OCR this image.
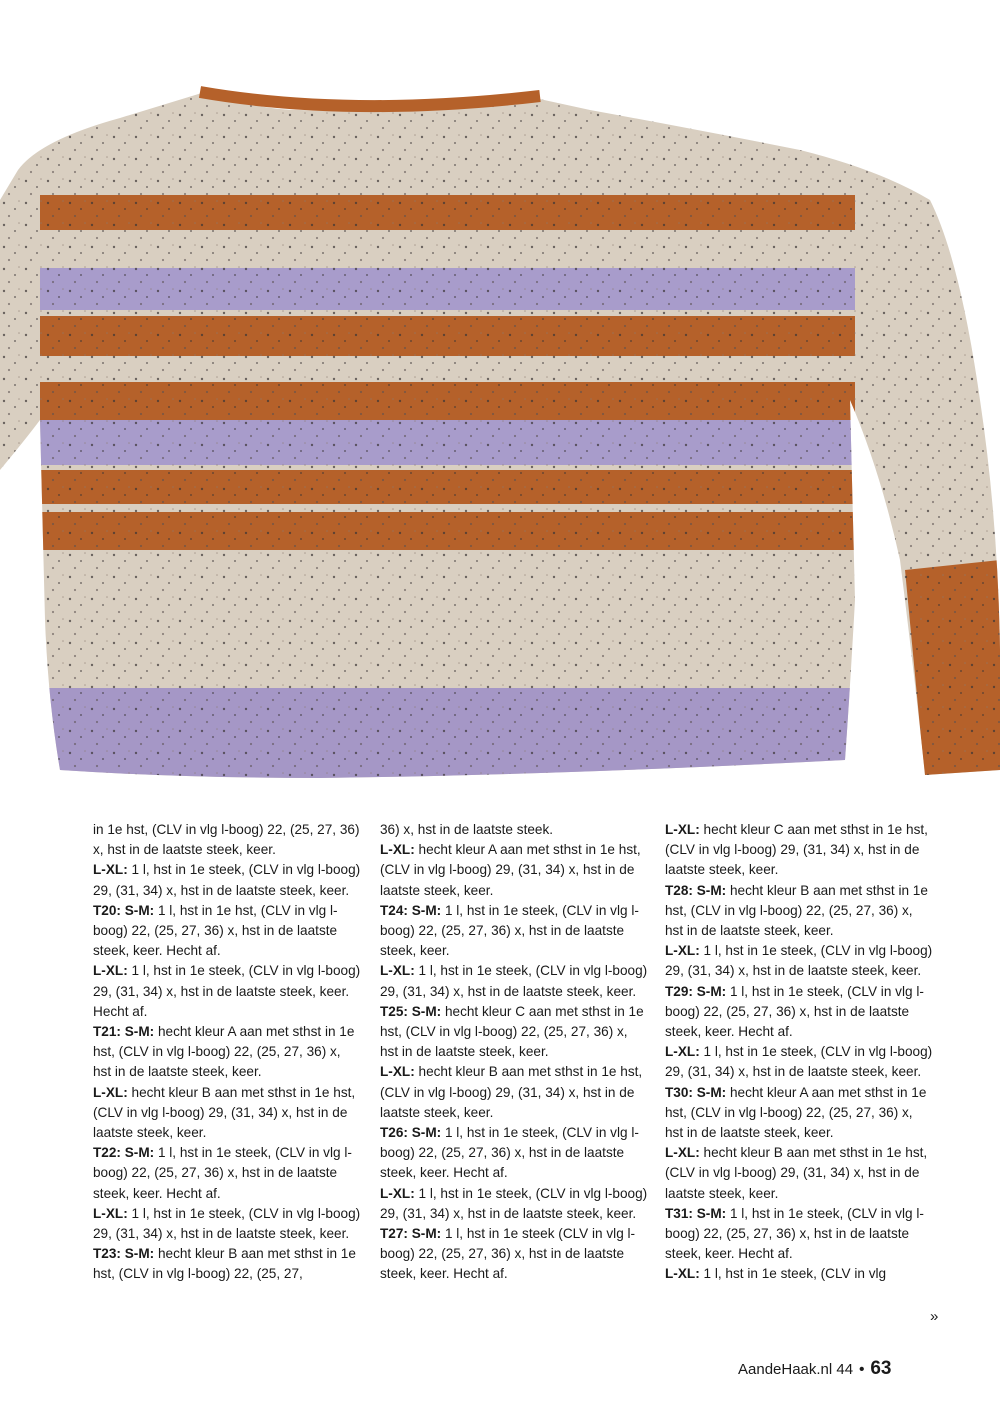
in 1e hst, (CLV in vlg l-boog) 22, (25, 27, 36) x, hst in de laatste steek, keer.

L-XL: 1 l, hst in 1e steek, (CLV in vlg l-boog) 29, (31, 34) x, hst in de laatste steek, keer.

T20: S-M: 1 l, hst in 1e hst, (CLV in vlg l-boog) 22, (25, 27, 36) x, hst in de laatste steek, keer. Hecht af.

L-XL: 1 l, hst in 1e steek, (CLV in vlg l-boog) 29, (31, 34) x, hst in de laatste steek, keer. Hecht af.

T21: S-M: hecht kleur A aan met sthst in 1e hst, (CLV in vlg l-boog) 22, (25, 27, 36) x, hst in de laatste steek, keer.

L-XL: hecht kleur B aan met sthst in 1e hst, (CLV in vlg l-boog) 29, (31, 34) x, hst in de laatste steek, keer.

T22: S-M: 1 l, hst in 1e steek, (CLV in vlg l-boog) 22, (25, 27, 36) x, hst in de laatste steek, keer. Hecht af.

L-XL: 1 l, hst in 1e steek, (CLV in vlg l-boog) 29, (31, 34) x, hst in de laatste steek, keer.

T23: S-M: hecht kleur B aan met sthst in 1e hst, (CLV in vlg l-boog) 22, (25, 27,

36) x, hst in de laatste steek.

L-XL: hecht kleur A aan met sthst in 1e hst, (CLV in vlg l-boog) 29, (31, 34) x, hst in de laatste steek, keer.

T24: S-M: 1 l, hst in 1e steek, (CLV in vlg l-boog) 22, (25, 27, 36) x, hst in de laatste steek, keer.

L-XL: 1 l, hst in 1e steek, (CLV in vlg l-boog) 29, (31, 34) x, hst in de laatste steek, keer.

T25: S-M: hecht kleur C aan met sthst in 1e hst, (CLV in vlg l-boog) 22, (25, 27, 36) x, hst in de laatste steek, keer.

L-XL: hecht kleur B aan met sthst in 1e hst, (CLV in vlg l-boog) 29, (31, 34) x, hst in de laatste steek, keer.

T26: S-M: 1 l, hst in 1e steek, (CLV in vlg l-boog) 22, (25, 27, 36) x, hst in de laatste steek, keer. Hecht af.

L-XL: 1 l, hst in 1e steek, (CLV in vlg l-boog) 29, (31, 34) x, hst in de laatste steek, keer.

T27: S-M: 1 l, hst in 1e steek (CLV in vlg l-boog) 22, (25, 27, 36) x, hst in de laatste steek, keer. Hecht af.

L-XL: hecht kleur C aan met sthst in 1e hst, (CLV in vlg l-boog) 29, (31, 34) x, hst in de laatste steek, keer.

T28: S-M: hecht kleur B aan met sthst in 1e hst, (CLV in vlg l-boog) 22, (25, 27, 36) x, hst in de laatste steek, keer.

L-XL: 1 l, hst in 1e steek, (CLV in vlg l-boog) 29, (31, 34) x, hst in de laatste steek, keer.

T29: S-M: 1 l, hst in 1e steek, (CLV in vlg l-boog) 22, (25, 27, 36) x, hst in de laatste steek, keer. Hecht af.

L-XL: 1 l, hst in 1e steek, (CLV in vlg l-boog) 29, (31, 34) x, hst in de laatste steek, keer.

T30: S-M: hecht kleur A aan met sthst in 1e hst, (CLV in vlg l-boog) 22, (25, 27, 36) x, hst in de laatste steek, keer.

L-XL: hecht kleur B aan met sthst in 1e hst, (CLV in vlg l-boog) 29, (31, 34) x, hst in de laatste steek, keer.

T31: S-M: 1 l, hst in 1e steek, (CLV in vlg l-boog) 22, (25, 27, 36) x, hst in de laatste steek, keer. Hecht af.

L-XL: 1 l, hst in 1e steek, (CLV in vlg

»
AandeHaak.nl 44 • 63
